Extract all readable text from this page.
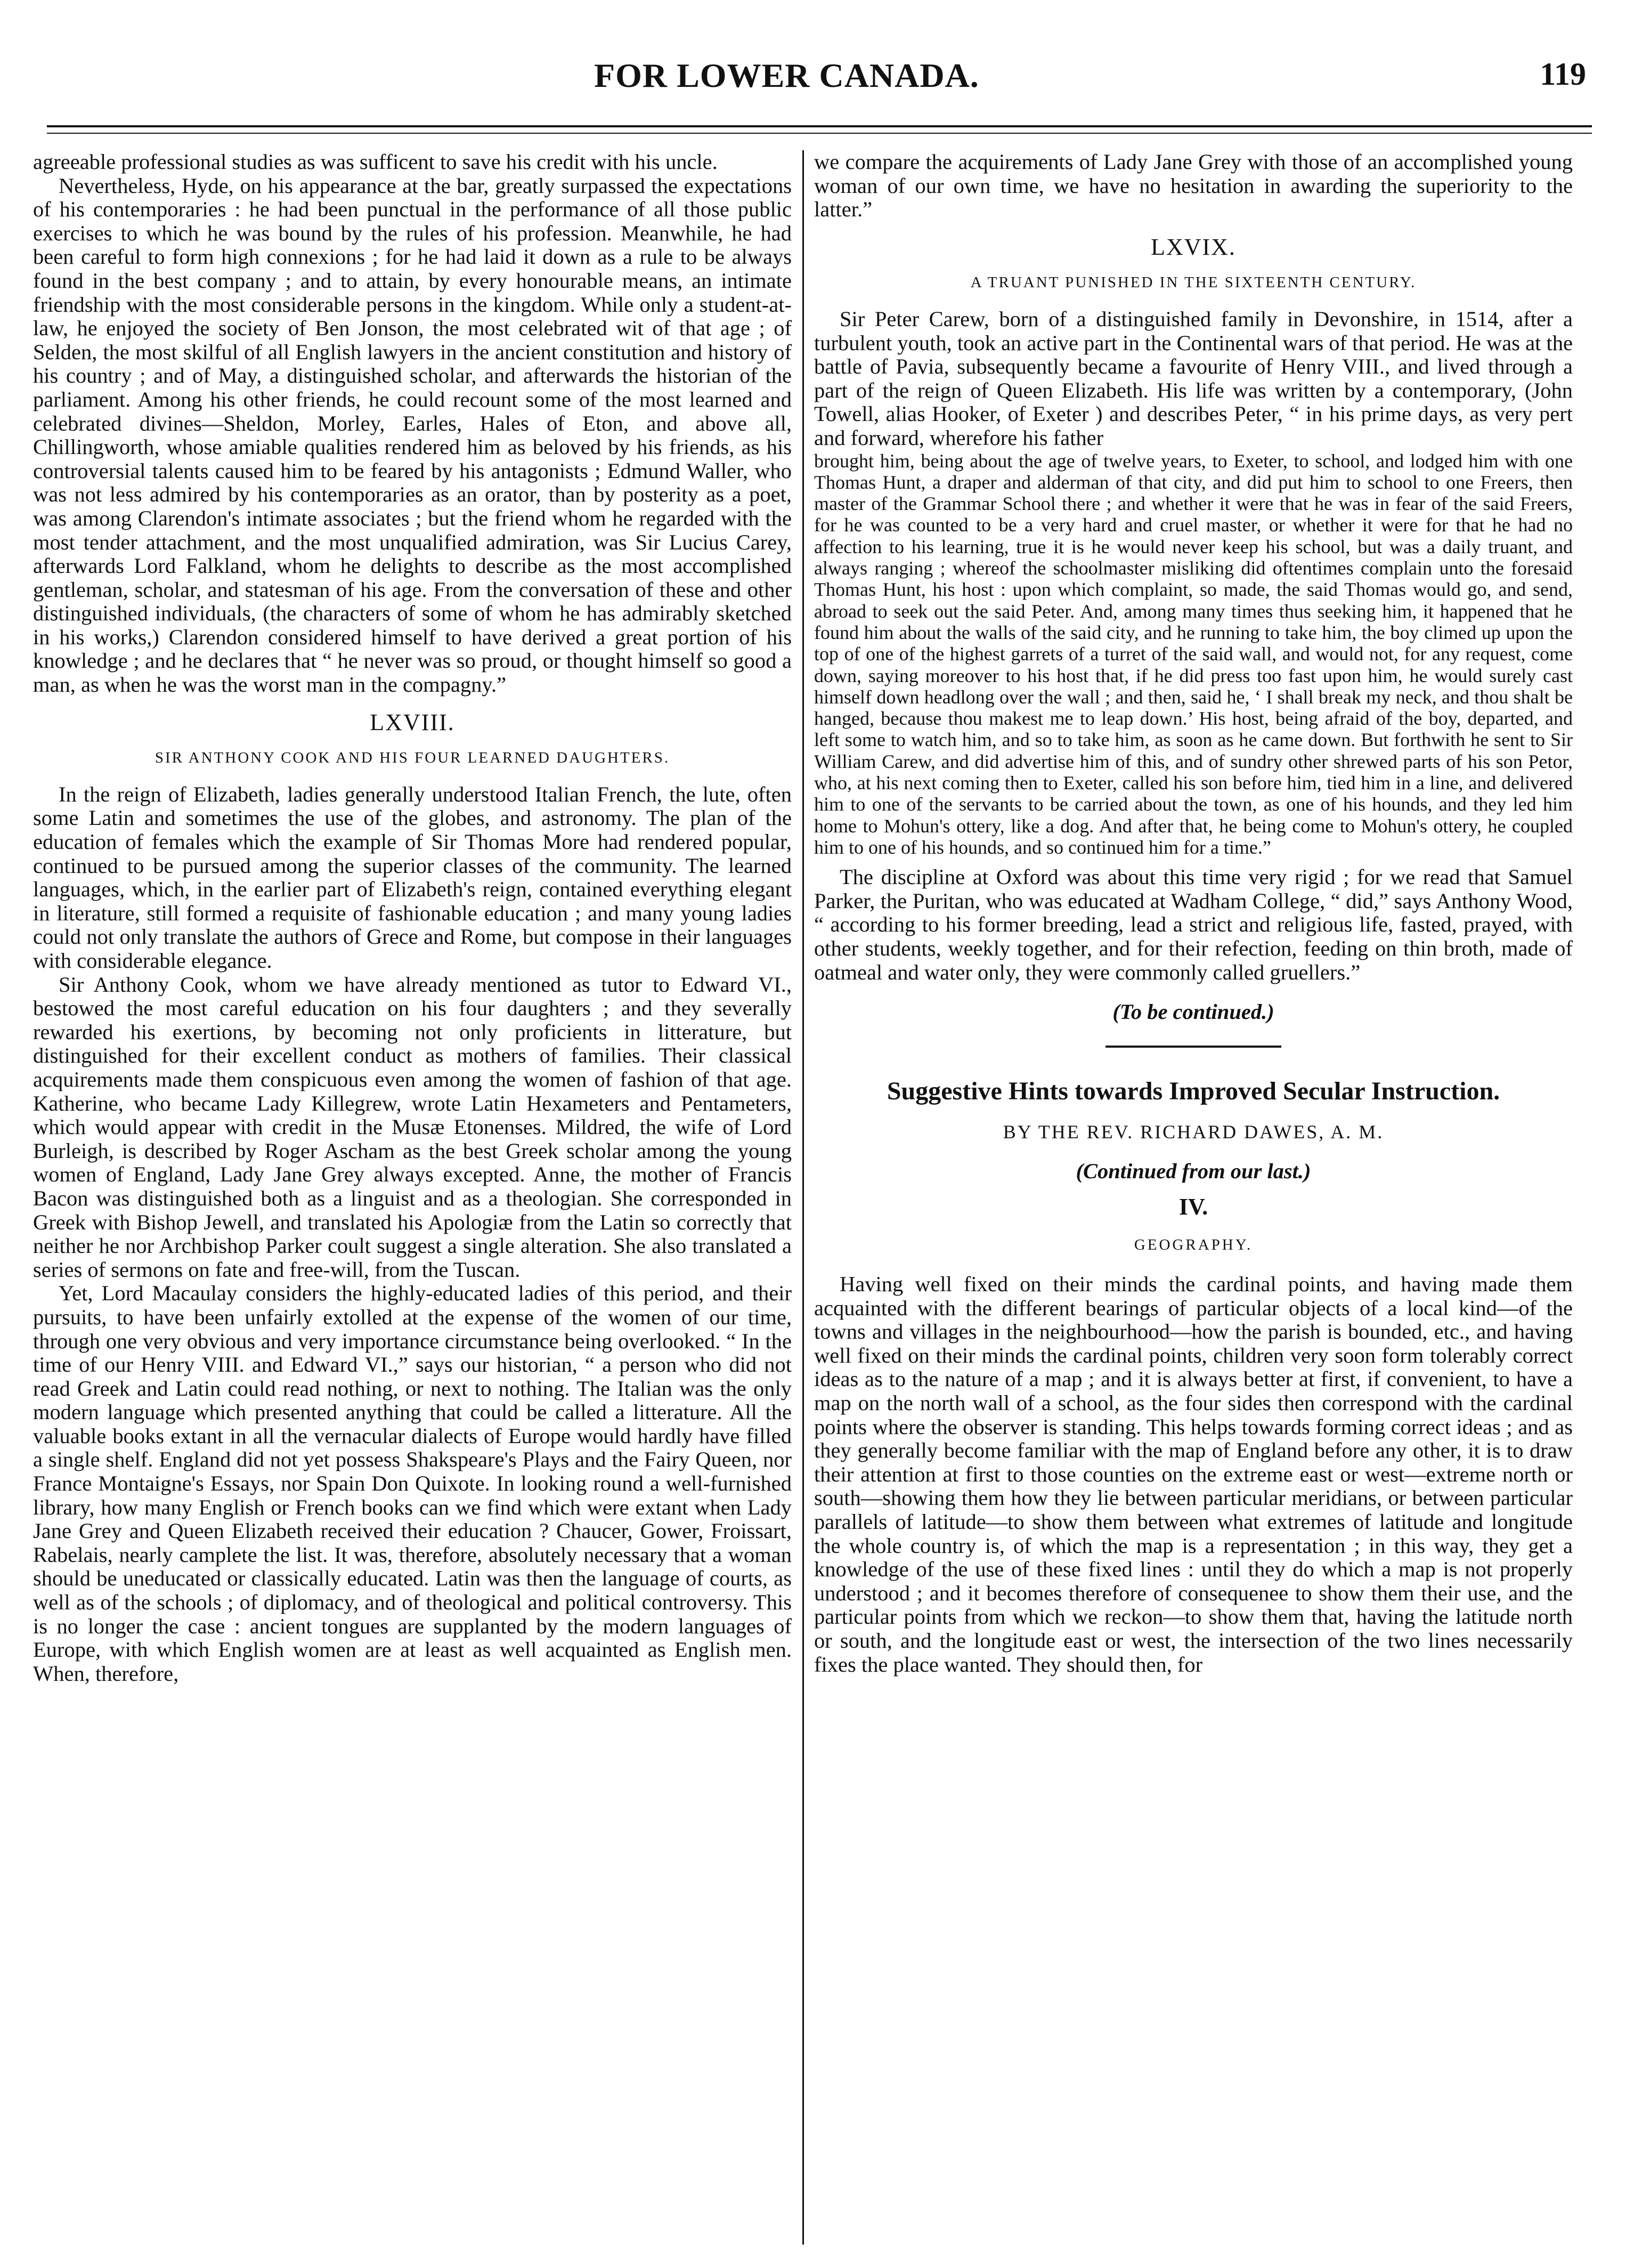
FOR LOWER CANADA.	119

agreeable professional studies as was sufficent to save his credit with his uncle.

Nevertheless, Hyde, on his appearance at the bar, greatly surpassed the expectations of his contemporaries : he had been punctual in the performance of all those public exercises to which he was bound by the rules of his profession. Meanwhile, he had been careful to form high connexions ; for he had laid it down as a rule to be always found in the best company ; and to attain, by every honourable means, an intimate friendship with the most considerable persons in the kingdom. While only a student-at-law, he enjoyed the society of Ben Jonson, the most celebrated wit of that age ; of Selden, the most skilful of all English lawyers in the ancient constitution and history of his country ; and of May, a distinguished scholar, and afterwards the historian of the parliament. Among his other friends, he could recount some of the most learned and celebrated divines—Sheldon, Morley, Earles, Hales of Eton, and above all, Chillingworth, whose amiable qualities rendered him as beloved by his friends, as his controversial talents caused him to be feared by his antagonists ; Edmund Waller, who was not less admired by his contemporaries as an orator, than by posterity as a poet, was among Clarendon's intimate associates ; but the friend whom he regarded with the most tender attachment, and the most unqualified admiration, was Sir Lucius Carey, afterwards Lord Falkland, whom he delights to describe as the most accomplished gentleman, scholar, and statesman of his age. From the conversation of these and other distinguished individuals, (the characters of some of whom he has admirably sketched in his works,) Clarendon considered himself to have derived a great portion of his knowledge ; and he declares that “ he never was so proud, or thought himself so good a man, as when he was the worst man in the compagny.”

LXVIII.
SIR ANTHONY COOK AND HIS FOUR LEARNED DAUGHTERS.

In the reign of Elizabeth, ladies generally understood Italian French, the lute, often some Latin and sometimes the use of the globes, and astronomy. The plan of the education of females which the example of Sir Thomas More had rendered popular, continued to be pursued among the superior classes of the community. The learned languages, which, in the earlier part of Elizabeth's reign, contained everything elegant in literature, still formed a requisite of fashionable education ; and many young ladies could not only translate the authors of Grece and Rome, but compose in their languages with considerable elegance.

Sir Anthony Cook, whom we have already mentioned as tutor to Edward VI., bestowed the most careful education on his four daughters ; and they severally rewarded his exertions, by becoming not only proficients in litterature, but distinguished for their excellent conduct as mothers of families. Their classical acquirements made them conspicuous even among the women of fashion of that age. Katherine, who became Lady Killegrew, wrote Latin Hexameters and Pentameters, which would appear with credit in the Musæ Etonenses. Mildred, the wife of Lord Burleigh, is described by Roger Ascham as the best Greek scholar among the young women of England, Lady Jane Grey always excepted. Anne, the mother of Francis Bacon was distinguished both as a linguist and as a theologian. She corresponded in Greek with Bishop Jewell, and translated his Apologiæ from the Latin so correctly that neither he nor Archbishop Parker coult suggest a single alteration. She also translated a series of sermons on fate and free-will, from the Tuscan.

Yet, Lord Macaulay considers the highly-educated ladies of this period, and their pursuits, to have been unfairly extolled at the expense of the women of our time, through one very obvious and very importance circumstance being overlooked. “ In the time of our Henry VIII. and Edward VI.,” says our historian, “ a person who did not read Greek and Latin could read nothing, or next to nothing. The Italian was the only modern language which presented anything that could be called a litterature. All the valuable books extant in all the vernacular dialects of Europe would hardly have filled a single shelf. England did not yet possess Shakspeare's Plays and the Fairy Queen, nor France Montaigne's Essays, nor Spain Don Quixote. In looking round a well-furnished library, how many English or French books can we find which were extant when Lady Jane Grey and Queen Elizabeth received their education ? Chaucer, Gower, Froissart, Rabelais, nearly camplete the list. It was, therefore, absolutely necessary that a woman should be uneducated or classically educated. Latin was then the language of courts, as well as of the schools ; of diplomacy, and of theological and political controversy. This is no longer the case : ancient tongues are supplanted by the modern languages of Europe, with which English women are at least as well acquainted as English men. When, therefore,

we compare the acquirements of Lady Jane Grey with those of an accomplished young woman of our own time, we have no hesitation in awarding the superiority to the latter.”

LXVIX.
A TRUANT PUNISHED IN THE SIXTEENTH CENTURY.

Sir Peter Carew, born of a distinguished family in Devonshire, in 1514, after a turbulent youth, took an active part in the Continental wars of that period. He was at the battle of Pavia, subsequently became a favourite of Henry VIII., and lived through a part of the reign of Queen Elizabeth. His life was written by a contemporary, (John Towell, alias Hooker, of Exeter ) and describes Peter, “ in his prime days, as very pert and forward, wherefore his father

brought him, being about the age of twelve years, to Exeter, to school, and lodged him with one Thomas Hunt, a draper and alderman of that city, and did put him to school to one Freers, then master of the Grammar School there ; and whether it were that he was in fear of the said Freers, for he was counted to be a very hard and cruel master, or whether it were for that he had no affection to his learning, true it is he would never keep his school, but was a daily truant, and always ranging ; whereof the schoolmaster misliking did oftentimes complain unto the foresaid Thomas Hunt, his host : upon which complaint, so made, the said Thomas would go, and send, abroad to seek out the said Peter. And, among many times thus seeking him, it happened that he found him about the walls of the said city, and he running to take him, the boy climed up upon the top of one of the highest garrets of a turret of the said wall, and would not, for any request, come down, saying moreover to his host that, if he did press too fast upon him, he would surely cast himself down headlong over the wall ; and then, said he, ‘ I shall break my neck, and thou shalt be hanged, because thou makest me to leap down.’ His host, being afraid of the boy, departed, and left some to watch him, and so to take him, as soon as he came down. But forthwith he sent to Sir William Carew, and did advertise him of this, and of sundry other shrewed parts of his son Petor, who, at his next coming then to Exeter, called his son before him, tied him in a line, and delivered him to one of the servants to be carried about the town, as one of his hounds, and they led him home to Mohun's ottery, like a dog. And after that, he being come to Mohun's ottery, he coupled him to one of his hounds, and so continued him for a time.”

The discipline at Oxford was about this time very rigid ; for we read that Samuel Parker, the Puritan, who was educated at Wadham College, “ did,” says Anthony Wood, “ according to his former breeding, lead a strict and religious life, fasted, prayed, with other students, weekly together, and for their refection, feeding on thin broth, made of oatmeal and water only, they were commonly called gruellers.”

(To be continued.)
Suggestive Hints towards Improved Secular Instruction.
BY THE REV. RICHARD DAWES, A. M.
(Continued from our last.)
IV.
GEOGRAPHY.

Having well fixed on their minds the cardinal points, and having made them acquainted with the different bearings of particular objects of a local kind—of the towns and villages in the neighbourhood—how the parish is bounded, etc., and having well fixed on their minds the cardinal points, children very soon form tolerably correct ideas as to the nature of a map ; and it is always better at first, if convenient, to have a map on the north wall of a school, as the four sides then correspond with the cardinal points where the observer is standing. This helps towards forming correct ideas ; and as they generally become familiar with the map of England before any other, it is to draw their attention at first to those counties on the extreme east or west—extreme north or south—showing them how they lie between particular meridians, or between particular parallels of latitude—to show them between what extremes of latitude and longitude the whole country is, of which the map is a representation ; in this way, they get a knowledge of the use of these fixed lines : until they do which a map is not properly understood ; and it becomes therefore of consequenee to show them their use, and the particular points from which we reckon—to show them that, having the latitude north or south, and the longitude east or west, the intersection of the two lines necessarily fixes the place wanted. They should then, for
